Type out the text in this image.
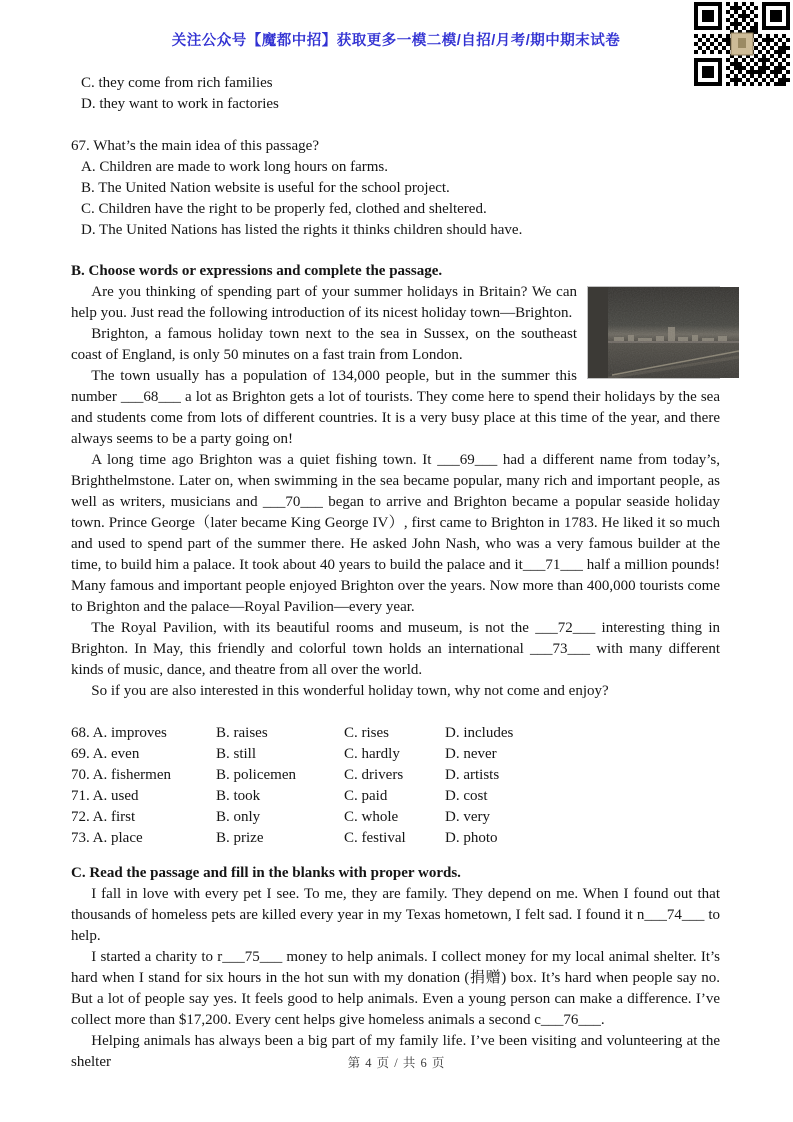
关注公众号【魔都中招】获取更多一模二模/自招/月考/期中期末试卷
C. they come from rich families
D. they want to work in factories
67. What’s the main idea of this passage?
A. Children are made to work long hours on farms.
B. The United Nation website is useful for the school project.
C. Children have the right to be properly fed, clothed and sheltered.
D. The United Nations has listed the rights it thinks children should have.
B. Choose words or expressions and complete the passage.

Are you thinking of spending part of your summer holidays in Britain? We can help you. Just read the following introduction of its nicest holiday town—Brighton.

Brighton, a famous holiday town next to the sea in Sussex, on the southeast coast of England, is only 50 minutes on a fast train from London.

The town usually has a population of 134,000 people, but in the summer this number ___68___ a lot as Brighton gets a lot of tourists. They come here to spend their holidays by the sea and students come from lots of different countries. It is a very busy place at this time of the year, and there always seems to be a party going on!

A long time ago Brighton was a quiet fishing town. It ___69___ had a different name from today’s, Brighthelmstone. Later on, when swimming in the sea became popular, many rich and important people, as well as writers, musicians and ___70___ began to arrive and Brighton became a popular seaside holiday town. Prince George（later became King George IV）, first came to Brighton in 1783. He liked it so much and used to spend part of the summer there. He asked John Nash, who was a very famous builder at the time, to build him a palace. It took about 40 years to build the palace and it___71___ half a million pounds! Many famous and important people enjoyed Brighton over the years. Now more than 400,000 tourists come to Brighton and the palace—Royal Pavilion—every year.

The Royal Pavilion, with its beautiful rooms and museum, is not the ___72___ interesting thing in Brighton. In May, this friendly and colorful town holds an international ___73___ with many different kinds of music, dance, and theatre from all over the world.

So if you are also interested in this wonderful holiday town, why not come and enjoy?

68. A. improves	B. raises	C. rises	D. includes
69. A. even	B. still	C. hardly	D. never
70. A. fishermen	B. policemen	C. drivers	D. artists
71. A. used	B. took	C. paid	D. cost
72. A. first	B. only	C. whole	D. very
73. A. place	B. prize	C. festival	D. photo
C. Read the passage and fill in the blanks with proper words.

I fall in love with every pet I see. To me, they are family. They depend on me. When I found out that thousands of homeless pets are killed every year in my Texas hometown, I felt sad. I found it n___74___ to help.

I started a charity to r___75___ money to help animals. I collect money for my local animal shelter. It’s hard when I stand for six hours in the hot sun with my donation (捐赠) box. It’s hard when people say no. But a lot of people say yes. It feels good to help animals. Even a young person can make a difference. I’ve collect more than $17,200. Every cent helps give homeless animals a second c___76___.

Helping animals has always been a big part of my family life. I’ve been visiting and volunteering at the shelter	第 4 页 / 共 6 页
